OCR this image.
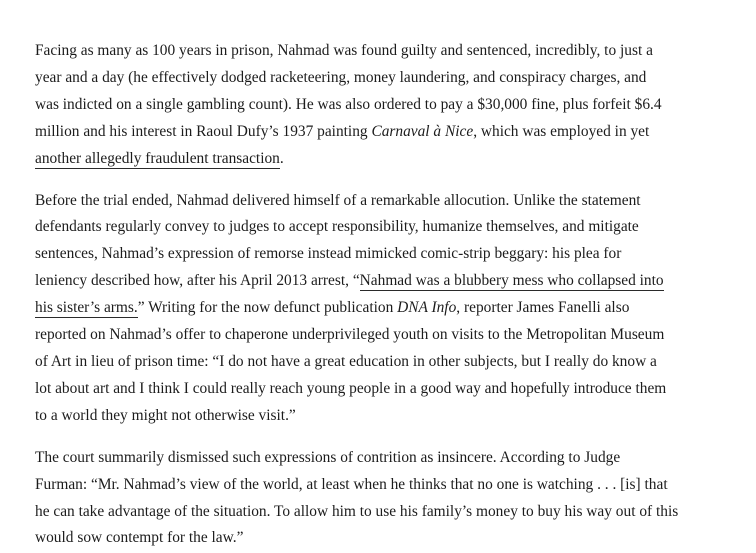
Facing as many as 100 years in prison, Nahmad was found guilty and sentenced, incredibly, to just a
year and a day (he effectively dodged racketeering, money laundering, and conspiracy charges, and
was indicted on a single gambling count). He was also ordered to pay a $30,000 fine, plus forfeit $6.4
million and his interest in Raoul Dufy’s 1937 painting Carnaval à Nice, which was employed in yet
another allegedly fraudulent transaction.

Before the trial ended, Nahmad delivered himself of a remarkable allocution. Unlike the statement
defendants regularly convey to judges to accept responsibility, humanize themselves, and mitigate
sentences, Nahmad’s expression of remorse instead mimicked comic-strip beggary: his plea for
leniency described how, after his April 2013 arrest, “Nahmad was a blubbery mess who collapsed into
his sister’s arms.” Writing for the now defunct publication DNA Info, reporter James Fanelli also
reported on Nahmad’s offer to chaperone underprivileged youth on visits to the Metropolitan Museum
of Art in lieu of prison time: “I do not have a great education in other subjects, but I really do know a
lot about art and I think I could really reach young people in a good way and hopefully introduce them
to a world they might not otherwise visit.”

The court summarily dismissed such expressions of contrition as insincere. According to Judge
Furman: “Mr. Nahmad’s view of the world, at least when he thinks that no one is watching . . . [is] that
he can take advantage of the situation. To allow him to use his family’s money to buy his way out of this
would sow contempt for the law.”
